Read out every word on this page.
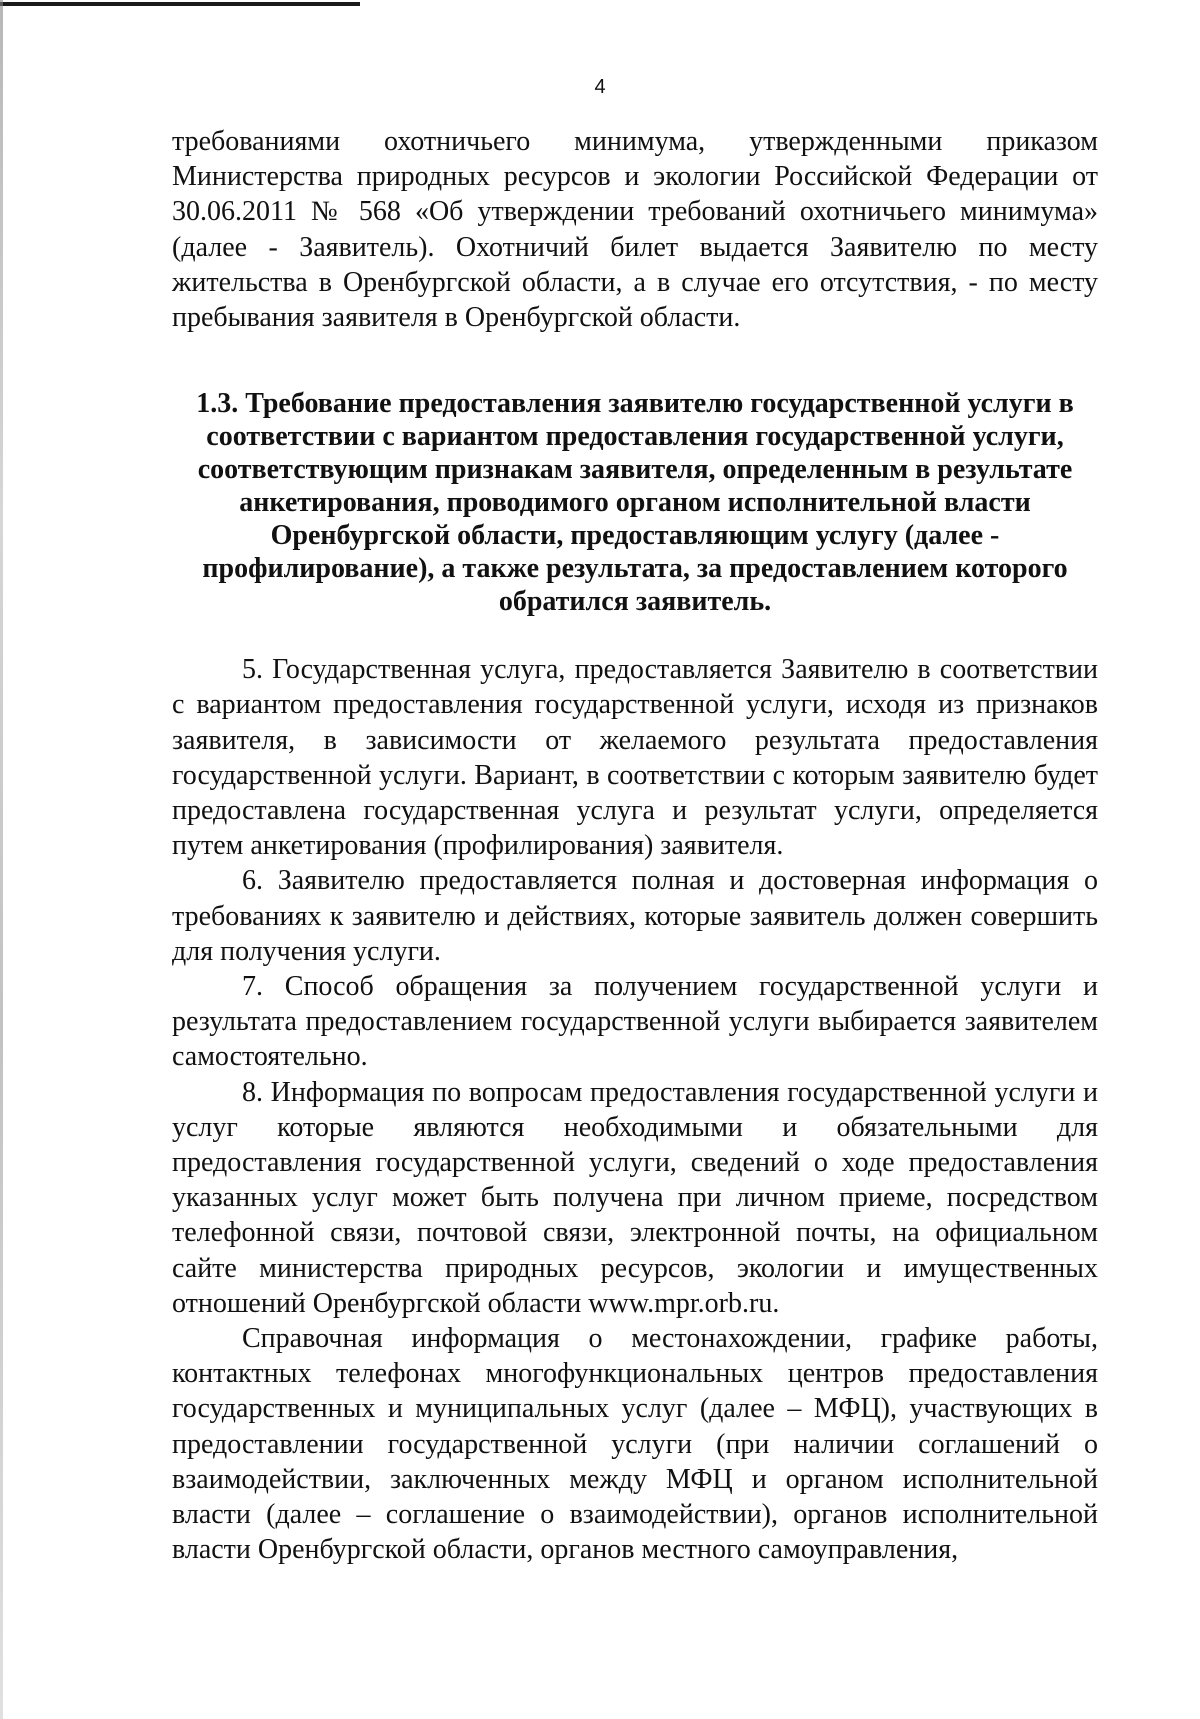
4

требованиями охотничьего минимума, утвержденными приказом Министерства природных ресурсов и экологии Российской Федерации от 30.06.2011 № 568 «Об утверждении требований охотничьего минимума» (далее - Заявитель). Охотничий билет выдается Заявителю по месту жительства в Оренбургской области, а в случае его отсутствия, - по месту пребывания заявителя в Оренбургской области.

1.3. Требование предоставления заявителю государственной услуги в соответствии с вариантом предоставления государственной услуги, соответствующим признакам заявителя, определенным в результате анкетирования, проводимого органом исполнительной власти Оренбургской области, предоставляющим услугу (далее - профилирование), а также результата, за предоставлением которого обратился заявитель.

5. Государственная услуга, предоставляется Заявителю в соответствии с вариантом предоставления государственной услуги, исходя из признаков заявителя, в зависимости от желаемого результата предоставления государственной услуги. Вариант, в соответствии с которым заявителю будет предоставлена государственная услуга и результат услуги, определяется путем анкетирования (профилирования) заявителя.

6. Заявителю предоставляется полная и достоверная информация о требованиях к заявителю и действиях, которые заявитель должен совершить для получения услуги.

7. Способ обращения за получением государственной услуги и результата предоставлением государственной услуги выбирается заявителем самостоятельно.

8. Информация по вопросам предоставления государственной услуги и услуг которые являются необходимыми и обязательными для предоставления государственной услуги, сведений о ходе предоставления указанных услуг может быть получена при личном приеме, посредством телефонной связи, почтовой связи, электронной почты, на официальном сайте министерства природных ресурсов, экологии и имущественных отношений Оренбургской области www.mpr.orb.ru.

Справочная информация о местонахождении, графике работы, контактных телефонах многофункциональных центров предоставления государственных и муниципальных услуг (далее – МФЦ), участвующих в предоставлении государственной услуги (при наличии соглашений о взаимодействии, заключенных между МФЦ и органом исполнительной власти (далее – соглашение о взаимодействии), органов исполнительной власти Оренбургской области, органов местного самоуправления,
